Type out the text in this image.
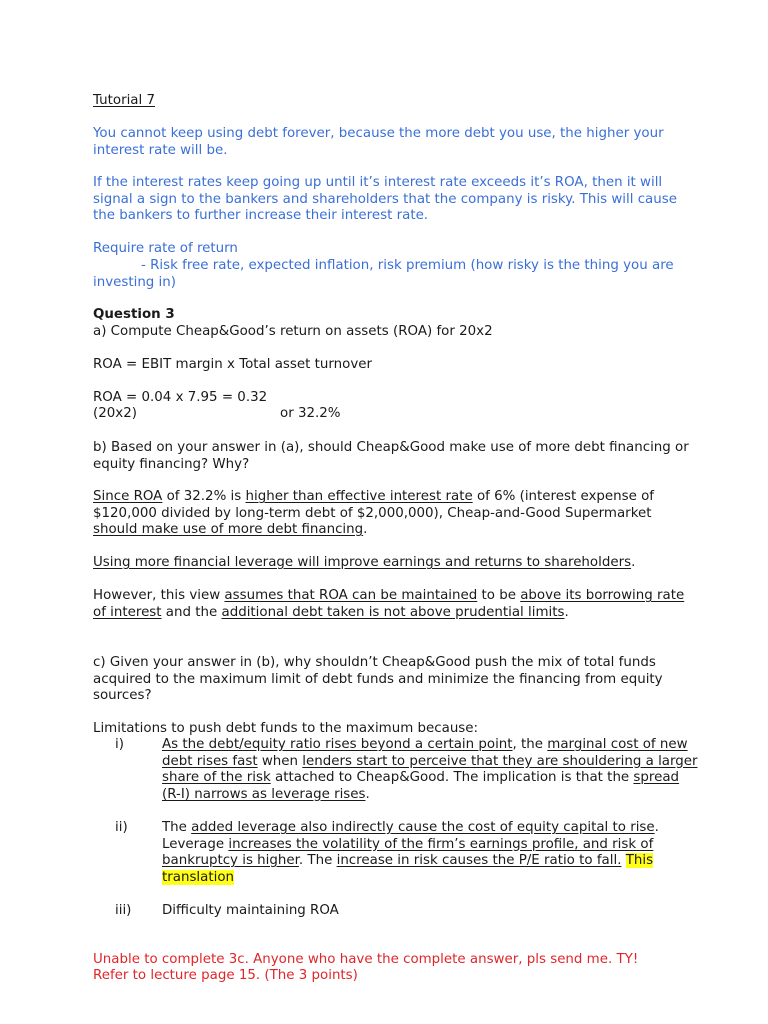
Tutorial 7

You cannot keep using debt forever, because the more debt you use, the higher your interest rate will be.

If the interest rates keep going up until it’s interest rate exceeds it’s ROA, then it will signal a sign to the bankers and shareholders that the company is risky. This will cause the bankers to further increase their interest rate.

Require rate of return

- Risk free rate, expected inflation, risk premium (how risky is the thing you are investing in)

Question 3

a) Compute Cheap&Good’s return on assets (ROA) for 20x2

ROA = EBIT margin x Total asset turnover

ROA = 0.04 x 7.95 = 0.32

(20x2)	or 32.2%

b) Based on your answer in (a), should Cheap&Good make use of more debt financing or equity financing? Why?

Since ROA of 32.2% is higher than effective interest rate of 6% (interest expense of $120,000 divided by long-term debt of $2,000,000), Cheap-and-Good Supermarket should make use of more debt financing.

Using more financial leverage will improve earnings and returns to shareholders.

However, this view assumes that ROA can be maintained to be above its borrowing rate of interest and the additional debt taken is not above prudential limits.

c) Given your answer in (b), why shouldn’t Cheap&Good push the mix of total funds acquired to the maximum limit of debt funds and minimize the financing from equity sources?

Limitations to push debt funds to the maximum because:

i)	As the debt/equity ratio rises beyond a certain point, the marginal cost of new debt rises fast when lenders start to perceive that they are shouldering a larger share of the risk attached to Cheap&Good. The implication is that the spread (R-I) narrows as leverage rises.
ii)	The added leverage also indirectly cause the cost of equity capital to rise. Leverage increases the volatility of the firm’s earnings profile, and risk of bankruptcy is higher. The increase in risk causes the P/E ratio to fall. This translation
iii) Difficulty maintaining ROA

Unable to complete 3c. Anyone who have the complete answer, pls send me. TY!

Refer to lecture page 15. (The 3 points)
